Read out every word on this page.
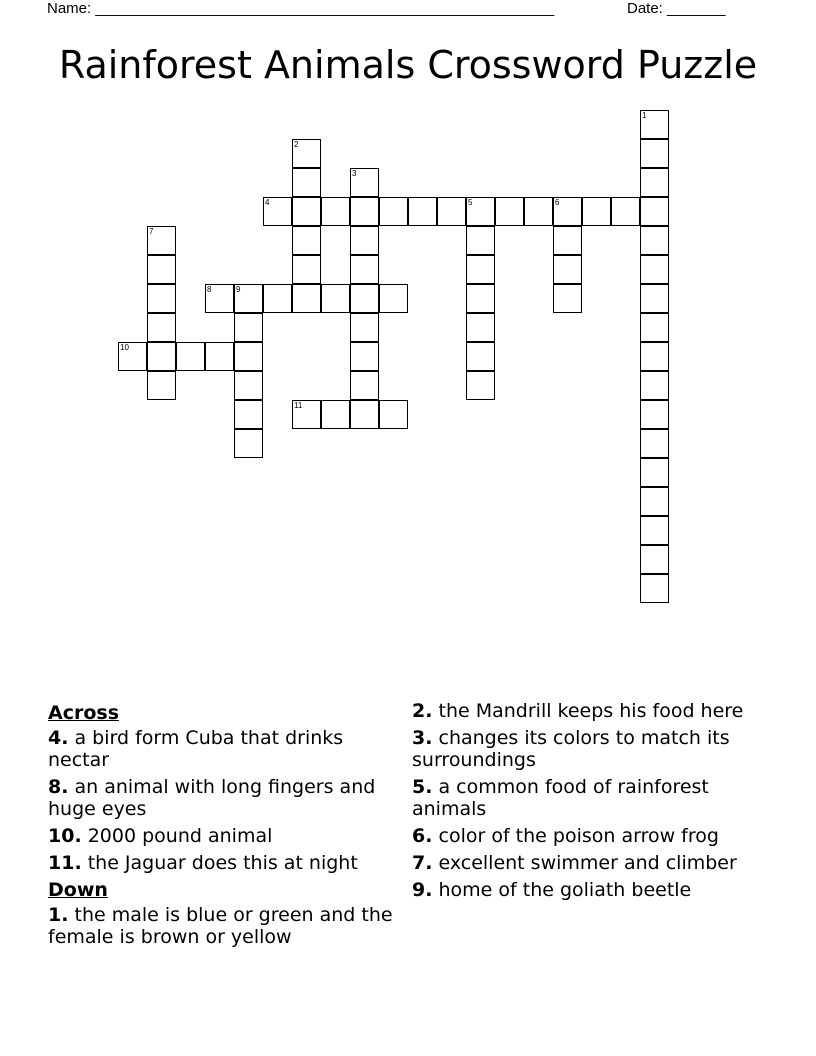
Name: _______________________________________________________	Date: _______
Rainforest Animals Crossword Puzzle
1
2
3
4	5	6
7
8	9
10
11
Across
4. a bird form Cuba that drinks nectar
8. an animal with long fingers and huge eyes
10. 2000 pound animal
11. the Jaguar does this at night
Down
1. the male is blue or green and the female is brown or yellow
2. the Mandrill keeps his food here
3. changes its colors to match its surroundings
5. a common food of rainforest animals
6. color of the poison arrow frog
7. excellent swimmer and climber
9. home of the goliath beetle
